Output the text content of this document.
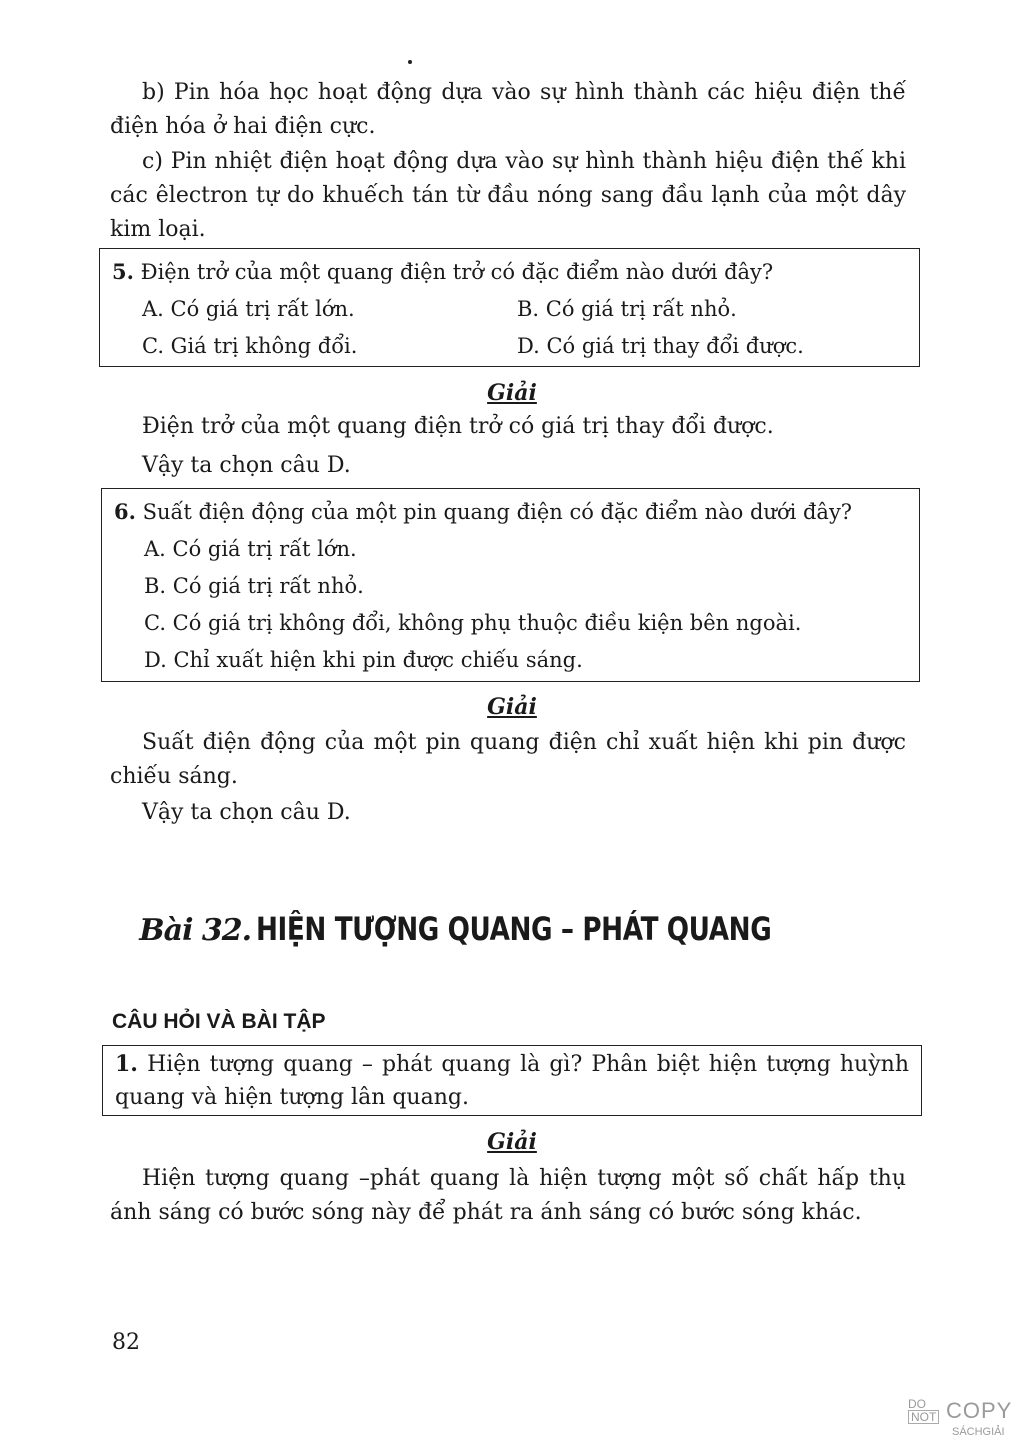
b) Pin hóa học hoạt động dựa vào sự hình thành các hiệu điện thế điện hóa ở hai điện cực.

c) Pin nhiệt điện hoạt động dựa vào sự hình thành hiệu điện thế khi các êlectron tự do khuếch tán từ đầu nóng sang đầu lạnh của một dây kim loại.

5. Điện trở của một quang điện trở có đặc điểm nào dưới đây?

A. Có giá trị rất lớn.	B. Có giá trị rất nhỏ.

C. Giá trị không đổi.	D. Có giá trị thay đổi được.

Giải

Điện trở của một quang điện trở có giá trị thay đổi được.

Vậy ta chọn câu D.

6. Suất điện động của một pin quang điện có đặc điểm nào dưới đây?

A. Có giá trị rất lớn.

B. Có giá trị rất nhỏ.

C. Có giá trị không đổi, không phụ thuộc điều kiện bên ngoài.

D. Chỉ xuất hiện khi pin được chiếu sáng.

Giải

Suất điện động của một pin quang điện chỉ xuất hiện khi pin được chiếu sáng.

Vậy ta chọn câu D.

Bài 32. HIỆN TƯỢNG QUANG – PHÁT QUANG

CÂU HỎI VÀ BÀI TẬP

1. Hiện tượng quang – phát quang là gì? Phân biệt hiện tượng huỳnh quang và hiện tượng lân quang.

Giải

Hiện tượng quang –phát quang là hiện tượng một số chất hấp thụ ánh sáng có bước sóng này để phát ra ánh sáng có bước sóng khác.

82

DO
NOT COPY
SÁCHGIẢI
